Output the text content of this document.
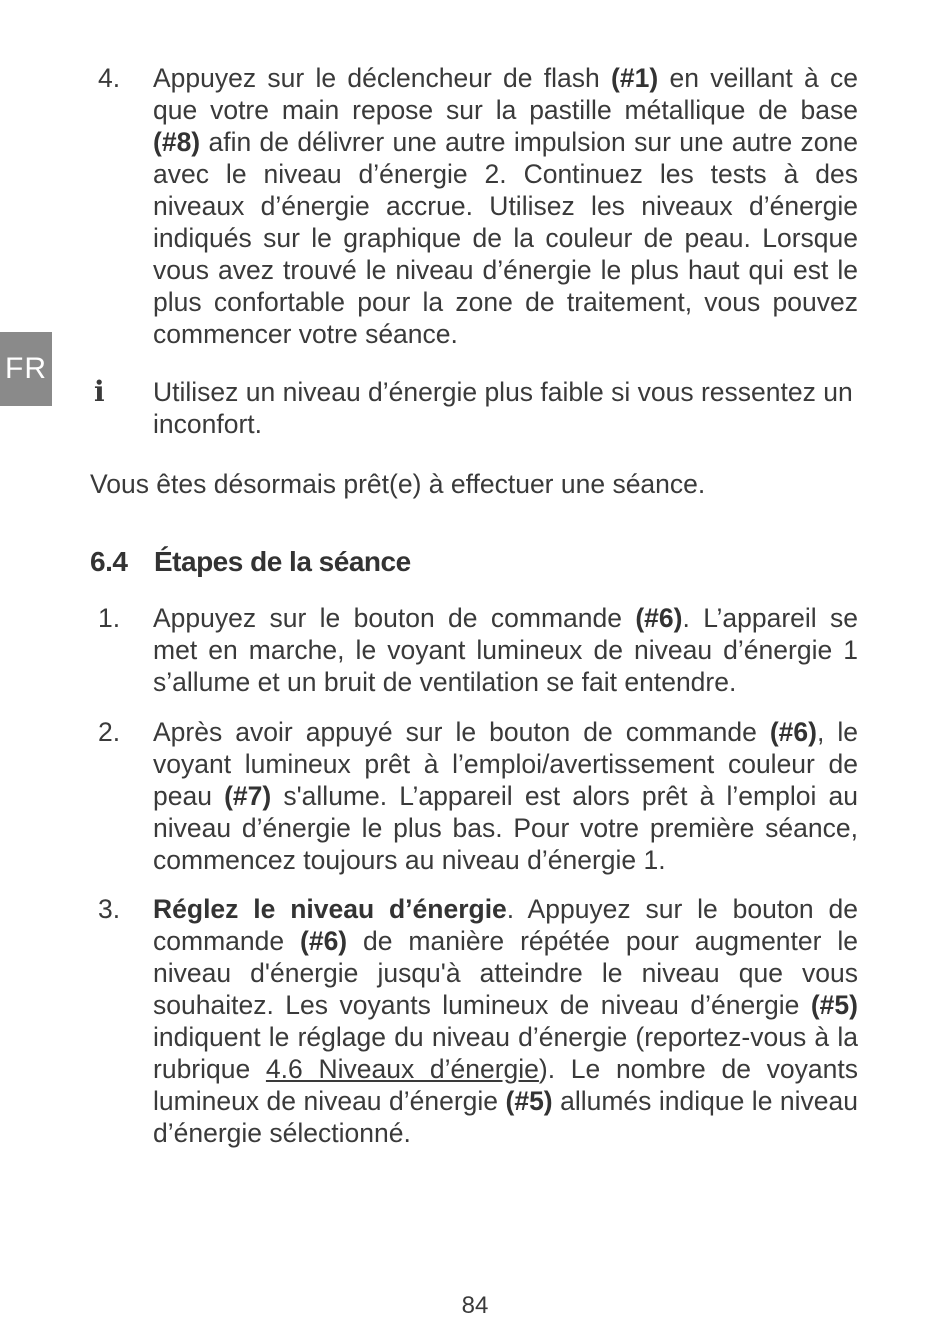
FR
4. Appuyez sur le déclencheur de flash (#1) en veillant à ce que votre main repose sur la pastille métallique de base (#8) afin de délivrer une autre impulsion sur une autre zone avec le niveau d’énergie 2. Continuez les tests à des niveaux d’énergie accrue. Utilisez les niveaux d’énergie indiqués sur le graphique de la couleur de peau. Lorsque vous avez trouvé le niveau d’énergie le plus haut qui est le plus confortable pour la zone de traitement, vous pouvez commencer votre séance.
i Utilisez un niveau d’énergie plus faible si vous ressentez un inconfort.
Vous êtes désormais prêt(e) à effectuer une séance.
6.4 Étapes de la séance
1. Appuyez sur le bouton de commande (#6). L’appareil se met en marche, le voyant lumineux de niveau d’énergie 1 s’allume et un bruit de ventilation se fait entendre.
2. Après avoir appuyé sur le bouton de commande (#6), le voyant lumineux prêt à l’emploi/avertissement couleur de peau (#7) s'allume. L’appareil est alors prêt à l’emploi au niveau d’énergie le plus bas. Pour votre première séance, commencez toujours au niveau d’énergie 1.
3. Réglez le niveau d’énergie. Appuyez sur le bouton de commande (#6) de manière répétée pour augmenter le niveau d'énergie jusqu'à atteindre le niveau que vous souhaitez. Les voyants lumineux de niveau d’énergie (#5) indiquent le réglage du niveau d’énergie (reportez-vous à la rubrique 4.6 Niveaux d’énergie). Le nombre de voyants lumineux de niveau d’énergie (#5) allumés indique le niveau d’énergie sélectionné.
84
